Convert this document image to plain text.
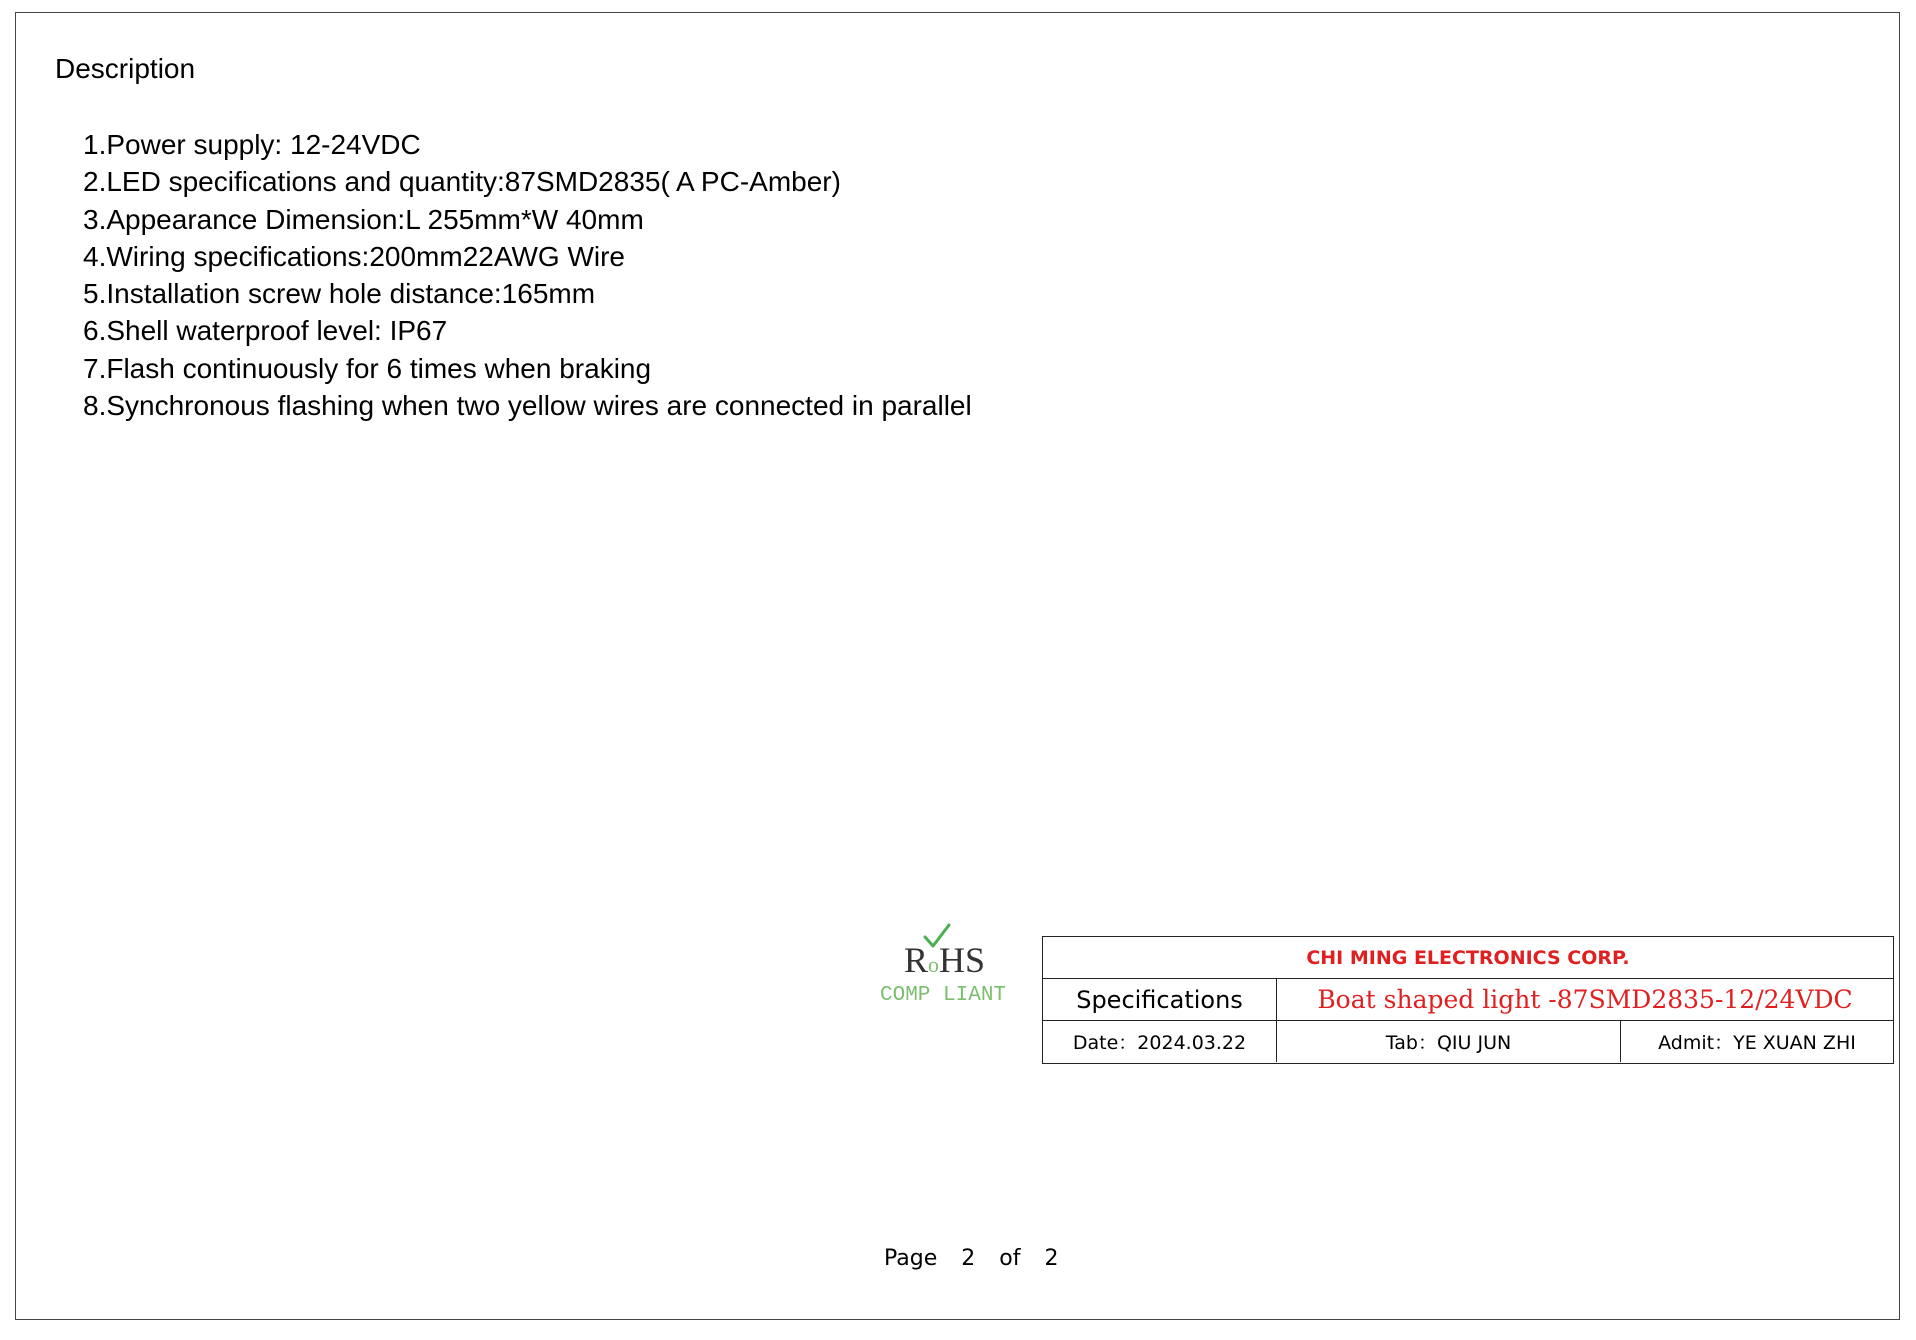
Description
1.Power supply: 12-24VDC
2.LED specifications and quantity:87SMD2835( A PC-Amber)
3.Appearance Dimension:L 255mm*W 40mm
4.Wiring specifications:200mm22AWG Wire
5.Installation screw hole distance:165mm
6.Shell waterproof level: IP67
7.Flash continuously for 6 times when braking
8.Synchronous flashing when two yellow wires are connected in parallel
RoHS
COMP LIANT
CHI MING ELECTRONICS CORP.
Specifications	Boat shaped light -87SMD2835-12/24VDC
Date：2024.03.22	Tab：QIU JUN	Admit：YE XUAN ZHI

Page 2 of 2
